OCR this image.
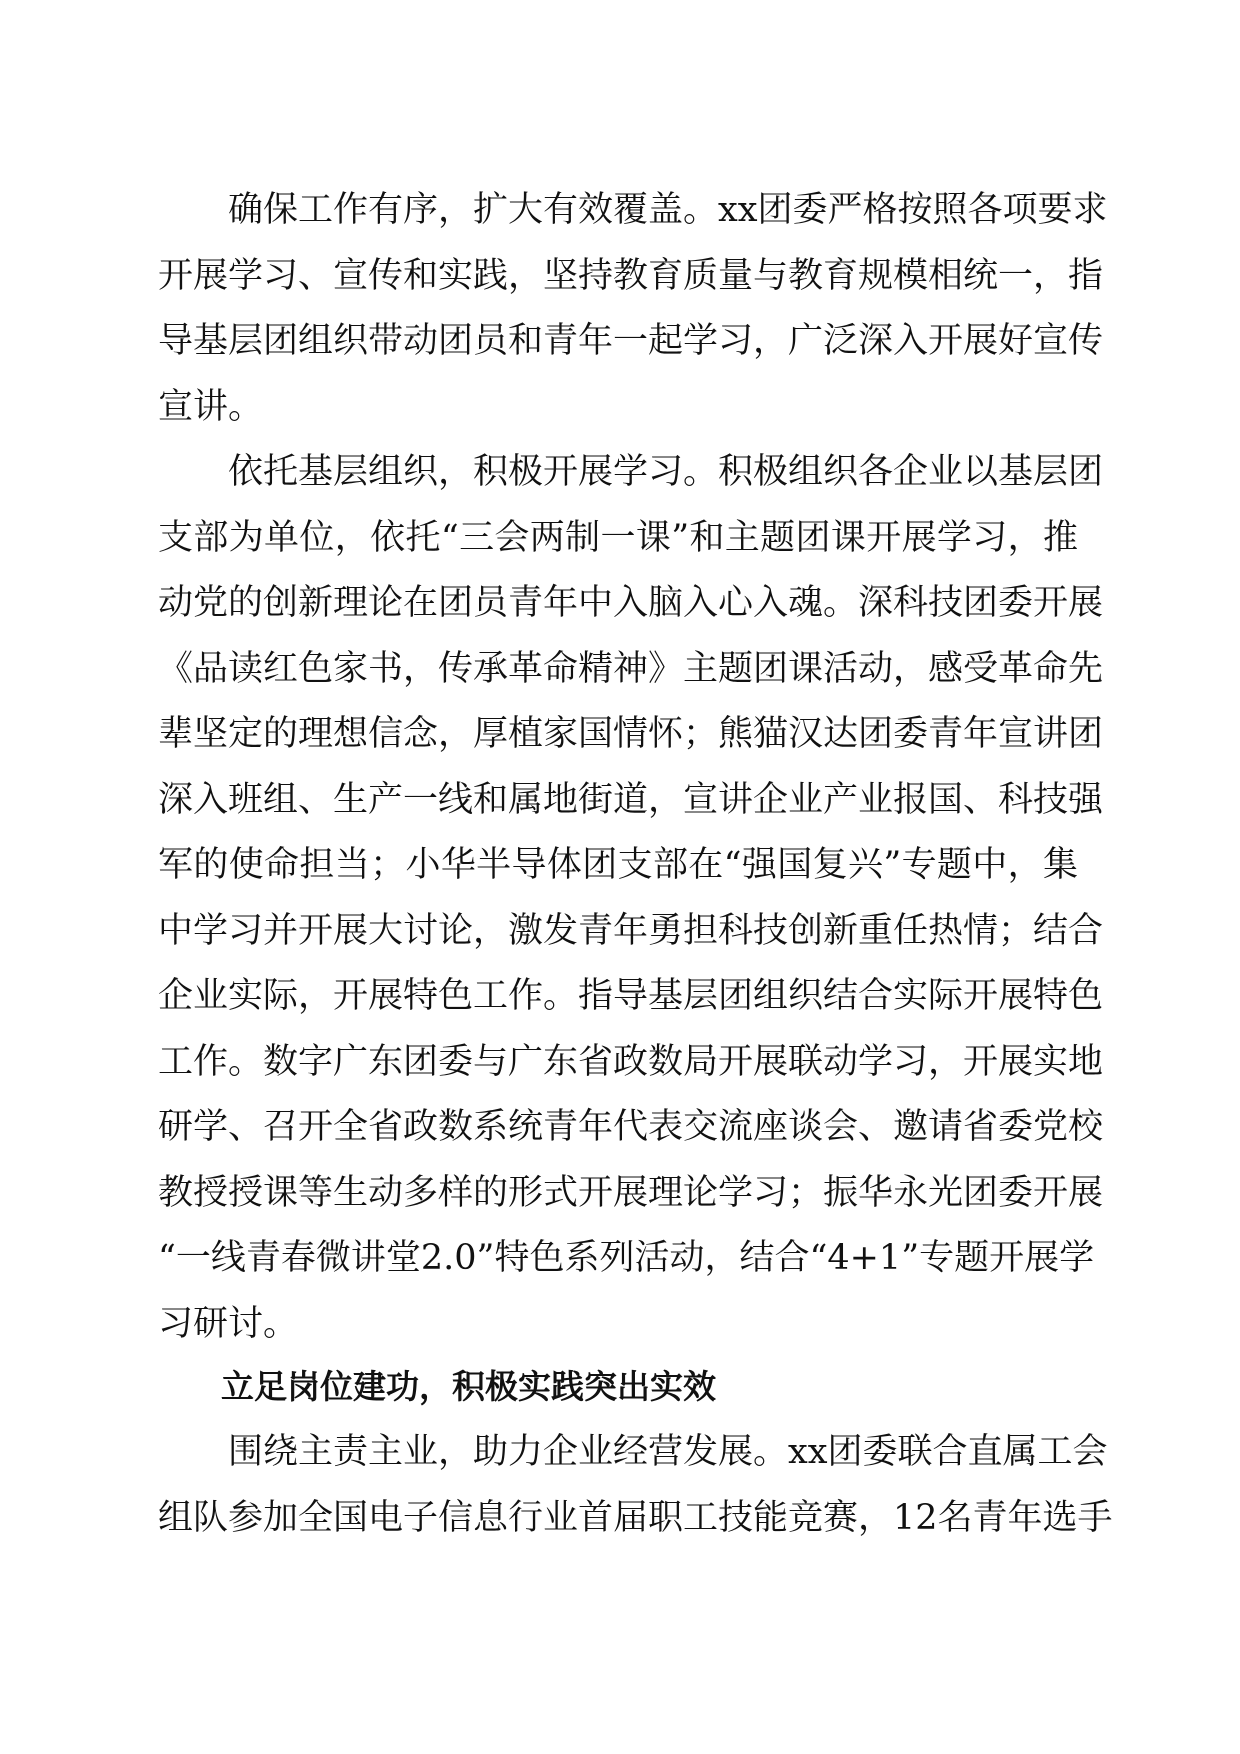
确保工作有序，扩大有效覆盖。xx团委严格按照各项要求
开展学习、宣传和实践，坚持教育质量与教育规模相统一，指
导基层团组织带动团员和青年一起学习，广泛深入开展好宣传
宣讲。
依托基层组织，积极开展学习。积极组织各企业以基层团
支部为单位，依托“三会两制一课”和主题团课开展学习，推
动党的创新理论在团员青年中入脑入心入魂。深科技团委开展
《品读红色家书，传承革命精神》主题团课活动，感受革命先
辈坚定的理想信念，厚植家国情怀；熊猫汉达团委青年宣讲团
深入班组、生产一线和属地街道，宣讲企业产业报国、科技强
军的使命担当；小华半导体团支部在“强国复兴”专题中，集
中学习并开展大讨论，激发青年勇担科技创新重任热情；结合
企业实际，开展特色工作。指导基层团组织结合实际开展特色
工作。数字广东团委与广东省政数局开展联动学习，开展实地
研学、召开全省政数系统青年代表交流座谈会、邀请省委党校
教授授课等生动多样的形式开展理论学习；振华永光团委开展
“一线青春微讲堂2.0”特色系列活动，结合“4+1”专题开展学
习研讨。
立足岗位建功，积极实践突出实效
围绕主责主业，助力企业经营发展。xx团委联合直属工会
组队参加全国电子信息行业首届职工技能竞赛，12名青年选手
